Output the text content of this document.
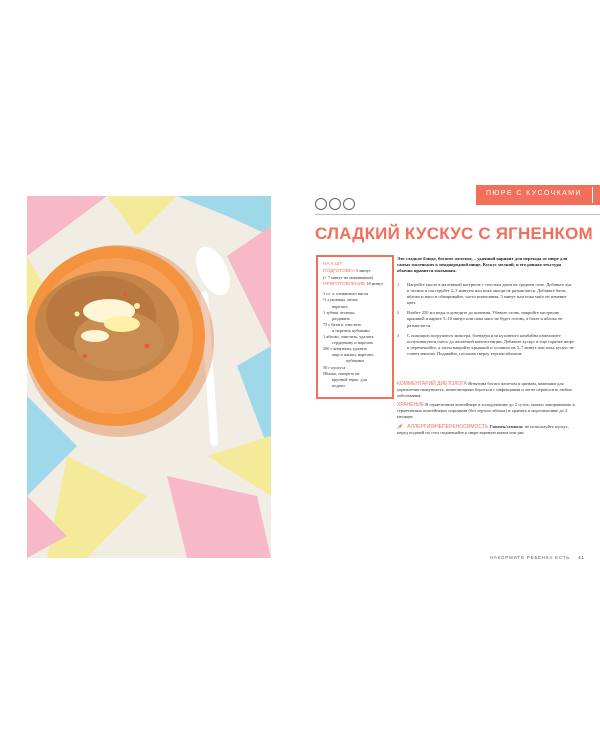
ПЮРЕ С КУСОЧКАМИ
СЛАДКИЙ КУСКУС С ЯГНЕНКОМ
НА 6 ШТ
ПОДГОТОВКА 5 минут
(+ 7 минут на замачивание)
ПРИГОТОВЛЕНИЕ 18 минут
1 ст. л. оливкового масла
½ луковицы, мелко
нарезать
1 зубчик чеснока,
раздавить
75 г батата, очистить
и нарезать кубиками
1 яблоко, очистить, удалить
сердцевину и нарезать
200 г ягнятины, удалить
жир и жилки, нарезать
кубиками
50 г кускуса
Яблоко, натереть на
крупной терке, для
подачи
Это сладкое блюдо, богатое железом, – удачный вариант для перехода от пюре для самых маленьких к неоднородной пище. Кускус мелкий, и его ровная текстура обычно нравится малышам.
1 Нагрейте масло в маленькой кастрюле с толстым дном на среднем огне. Добавьте лук и чеснок и пассеруйте 2–3 минуты или пока овощи не размягчатся. Добавьте батат, яблоко и мясо и обжаривайте, часто помешивая, 5 минут или пока мясо не изменит цвет.
2 Влейте 250 мл воды и доведите до кипения. Убавьте огонь, накройте кастрюлю крышкой и варите 5–10 минут или пока мясо не будет готово, а батат и яблоко не размягчатся.
3 С помощью погружного миксера, блендера или кухонного комбайна измельчите получившуюся смесь до желаемой консистенции. Добавьте кускус в еще горячее пюре и перемешайте, а затем накройте крышкой и оставьте на 5–7 минут или пока кускус не станет мягким. Подавайте, посыпав сверху тертым яблоком.
КОММЕНТАРИЙ ДИЕТОЛОГА Ягнятина богата железом и цинком, важными для укрепления иммунитета, помогающими бороться с инфекциями и легче переносить любые заболевания.
ХРАНЕНИЕ В герметичном контейнере в холодильнике до 2 суток; можно замораживать в герметичных контейнерах порциями (без тертого яблока) и хранить в морозильнике до 2 месяцев.
АЛЛЕРГИЯ/НЕПЕРЕНОСИМОСТЬ Глютен/глюкоза: не используйте кускус, перед подачей на стол подмешайте к пюре вареную киноа или рис.
НАКОРМИТЕ РЕБЕНКА ЕСТЬ 41
